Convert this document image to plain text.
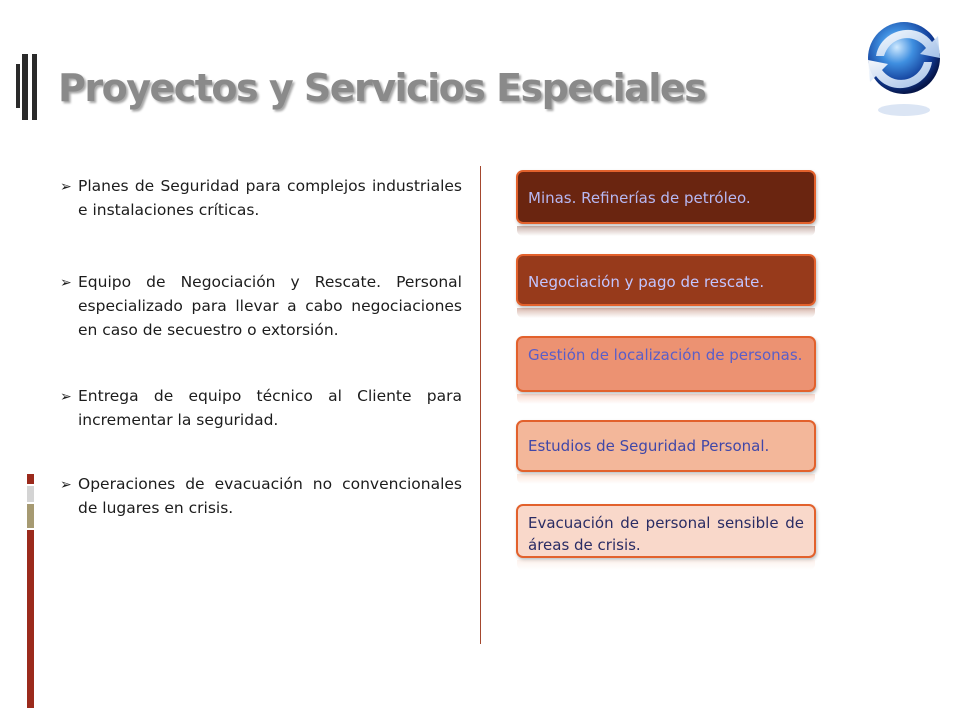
Proyectos y Servicios Especiales
➢ Planes de Seguridad para complejos industriales e instalaciones críticas.
➢ Equipo de Negociación y Rescate. Personal especializado para llevar a cabo negociaciones en caso de secuestro o extorsión.
➢ Entrega de equipo técnico al Cliente para incrementar la seguridad.
➢ Operaciones de evacuación no convencionales de lugares en crisis.
Minas. Refinerías de petróleo.
Negociación y pago de rescate.
Gestión de localización de personas.
Estudios de Seguridad Personal.
Evacuación de personal sensible de áreas de crisis.
